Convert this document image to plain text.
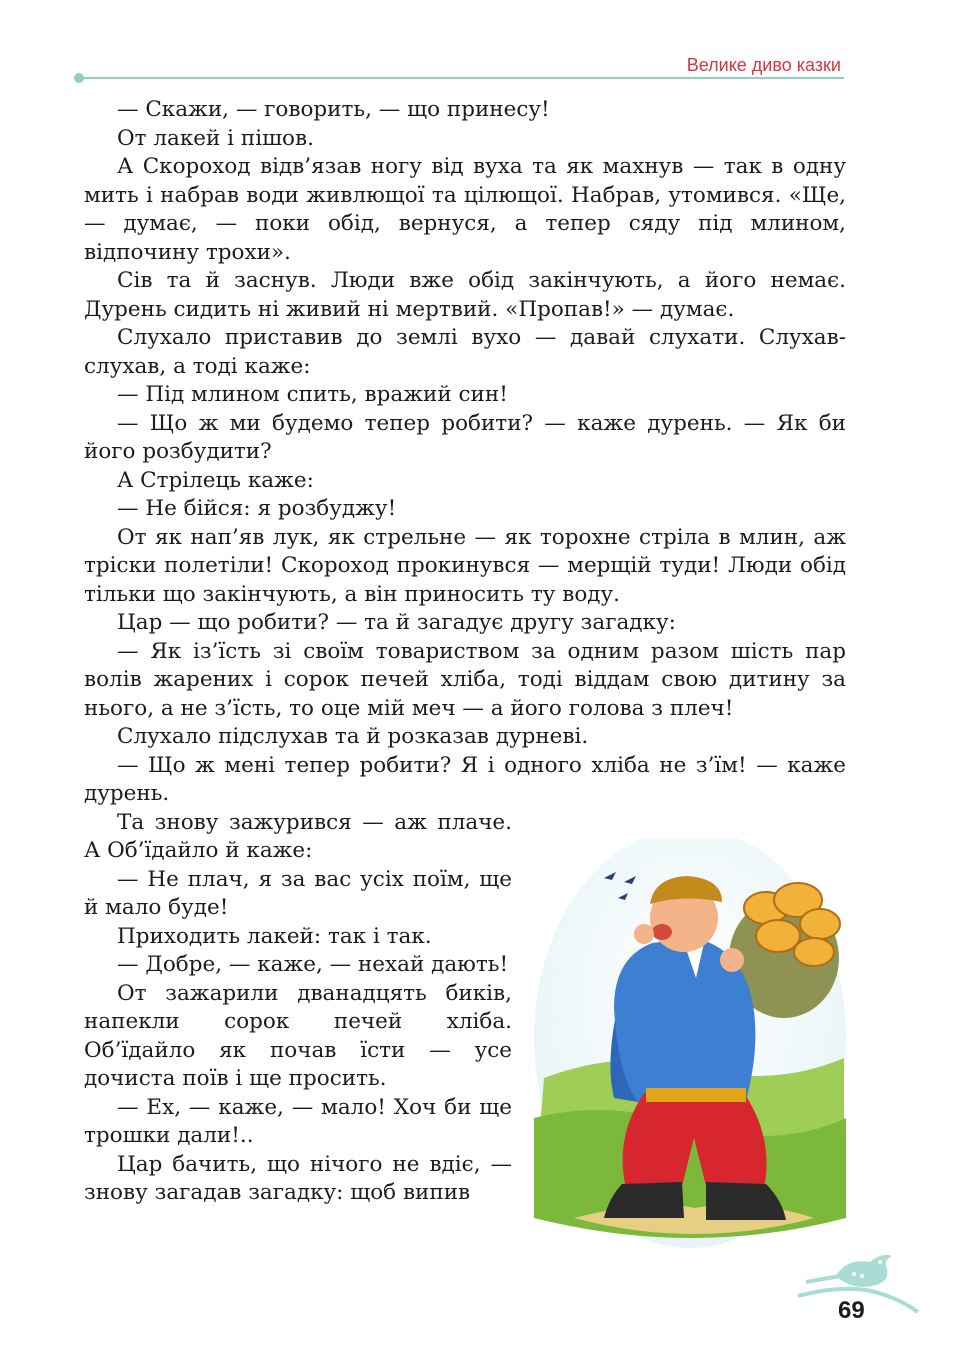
Велике диво казки

— Скажи, — говорить, — що принесу!

От лакей і пішов.

А Скороход відв’язав ногу від вуха та як махнув — так в одну мить і набрав води живлющої та цілющої. Набрав, утомився. «Ще, — думає, — поки обід, вернуся, а тепер сяду під млином, відпочину трохи».

Сів та й заснув. Люди вже обід закінчують, а його немає. Дурень сидить ні живий ні мертвий. «Пропав!» — думає.

Слухало приставив до землі вухо — давай слухати. Слухав-слухав, а тоді каже:

— Під млином спить, вражий син!

— Що ж ми будемо тепер робити? — каже дурень. — Як би його розбудити?

А Стрілець каже:

— Не бійся: я розбуджу!

От як нап’яв лук, як стрельне — як торохне стріла в млин, аж тріски полетіли! Скороход прокинувся — мерщій туди! Люди обід тільки що закінчують, а він приносить ту воду.

Цар — що робити? — та й загадує другу загадку:

— Як із’їсть зі своїм товариством за одним разом шість пар волів жарених і сорок печей хліба, тоді віддам свою дитину за нього, а не з’їсть, то оце мій меч — а його голова з плеч!

Слухало підслухав та й розказав дурневі.

— Що ж мені тепер робити? Я і одного хліба не з’їм! — каже дурень.

Та знову зажурився — аж плаче. А Об’їдайло й каже:

— Не плач, я за вас усіх поїм, ще й мало буде!

Приходить лакей: так і так.

— Добре, — каже, — нехай дають!

От зажарили дванадцять биків, напекли сорок печей хліба. Об’їдайло як почав їсти — усе дочиста поїв і ще просить.

— Ех, — каже, — мало! Хоч би ще трошки дали!..

Цар бачить, що нічого не вдіє, — знову загадав загадку: щоб випив

69
